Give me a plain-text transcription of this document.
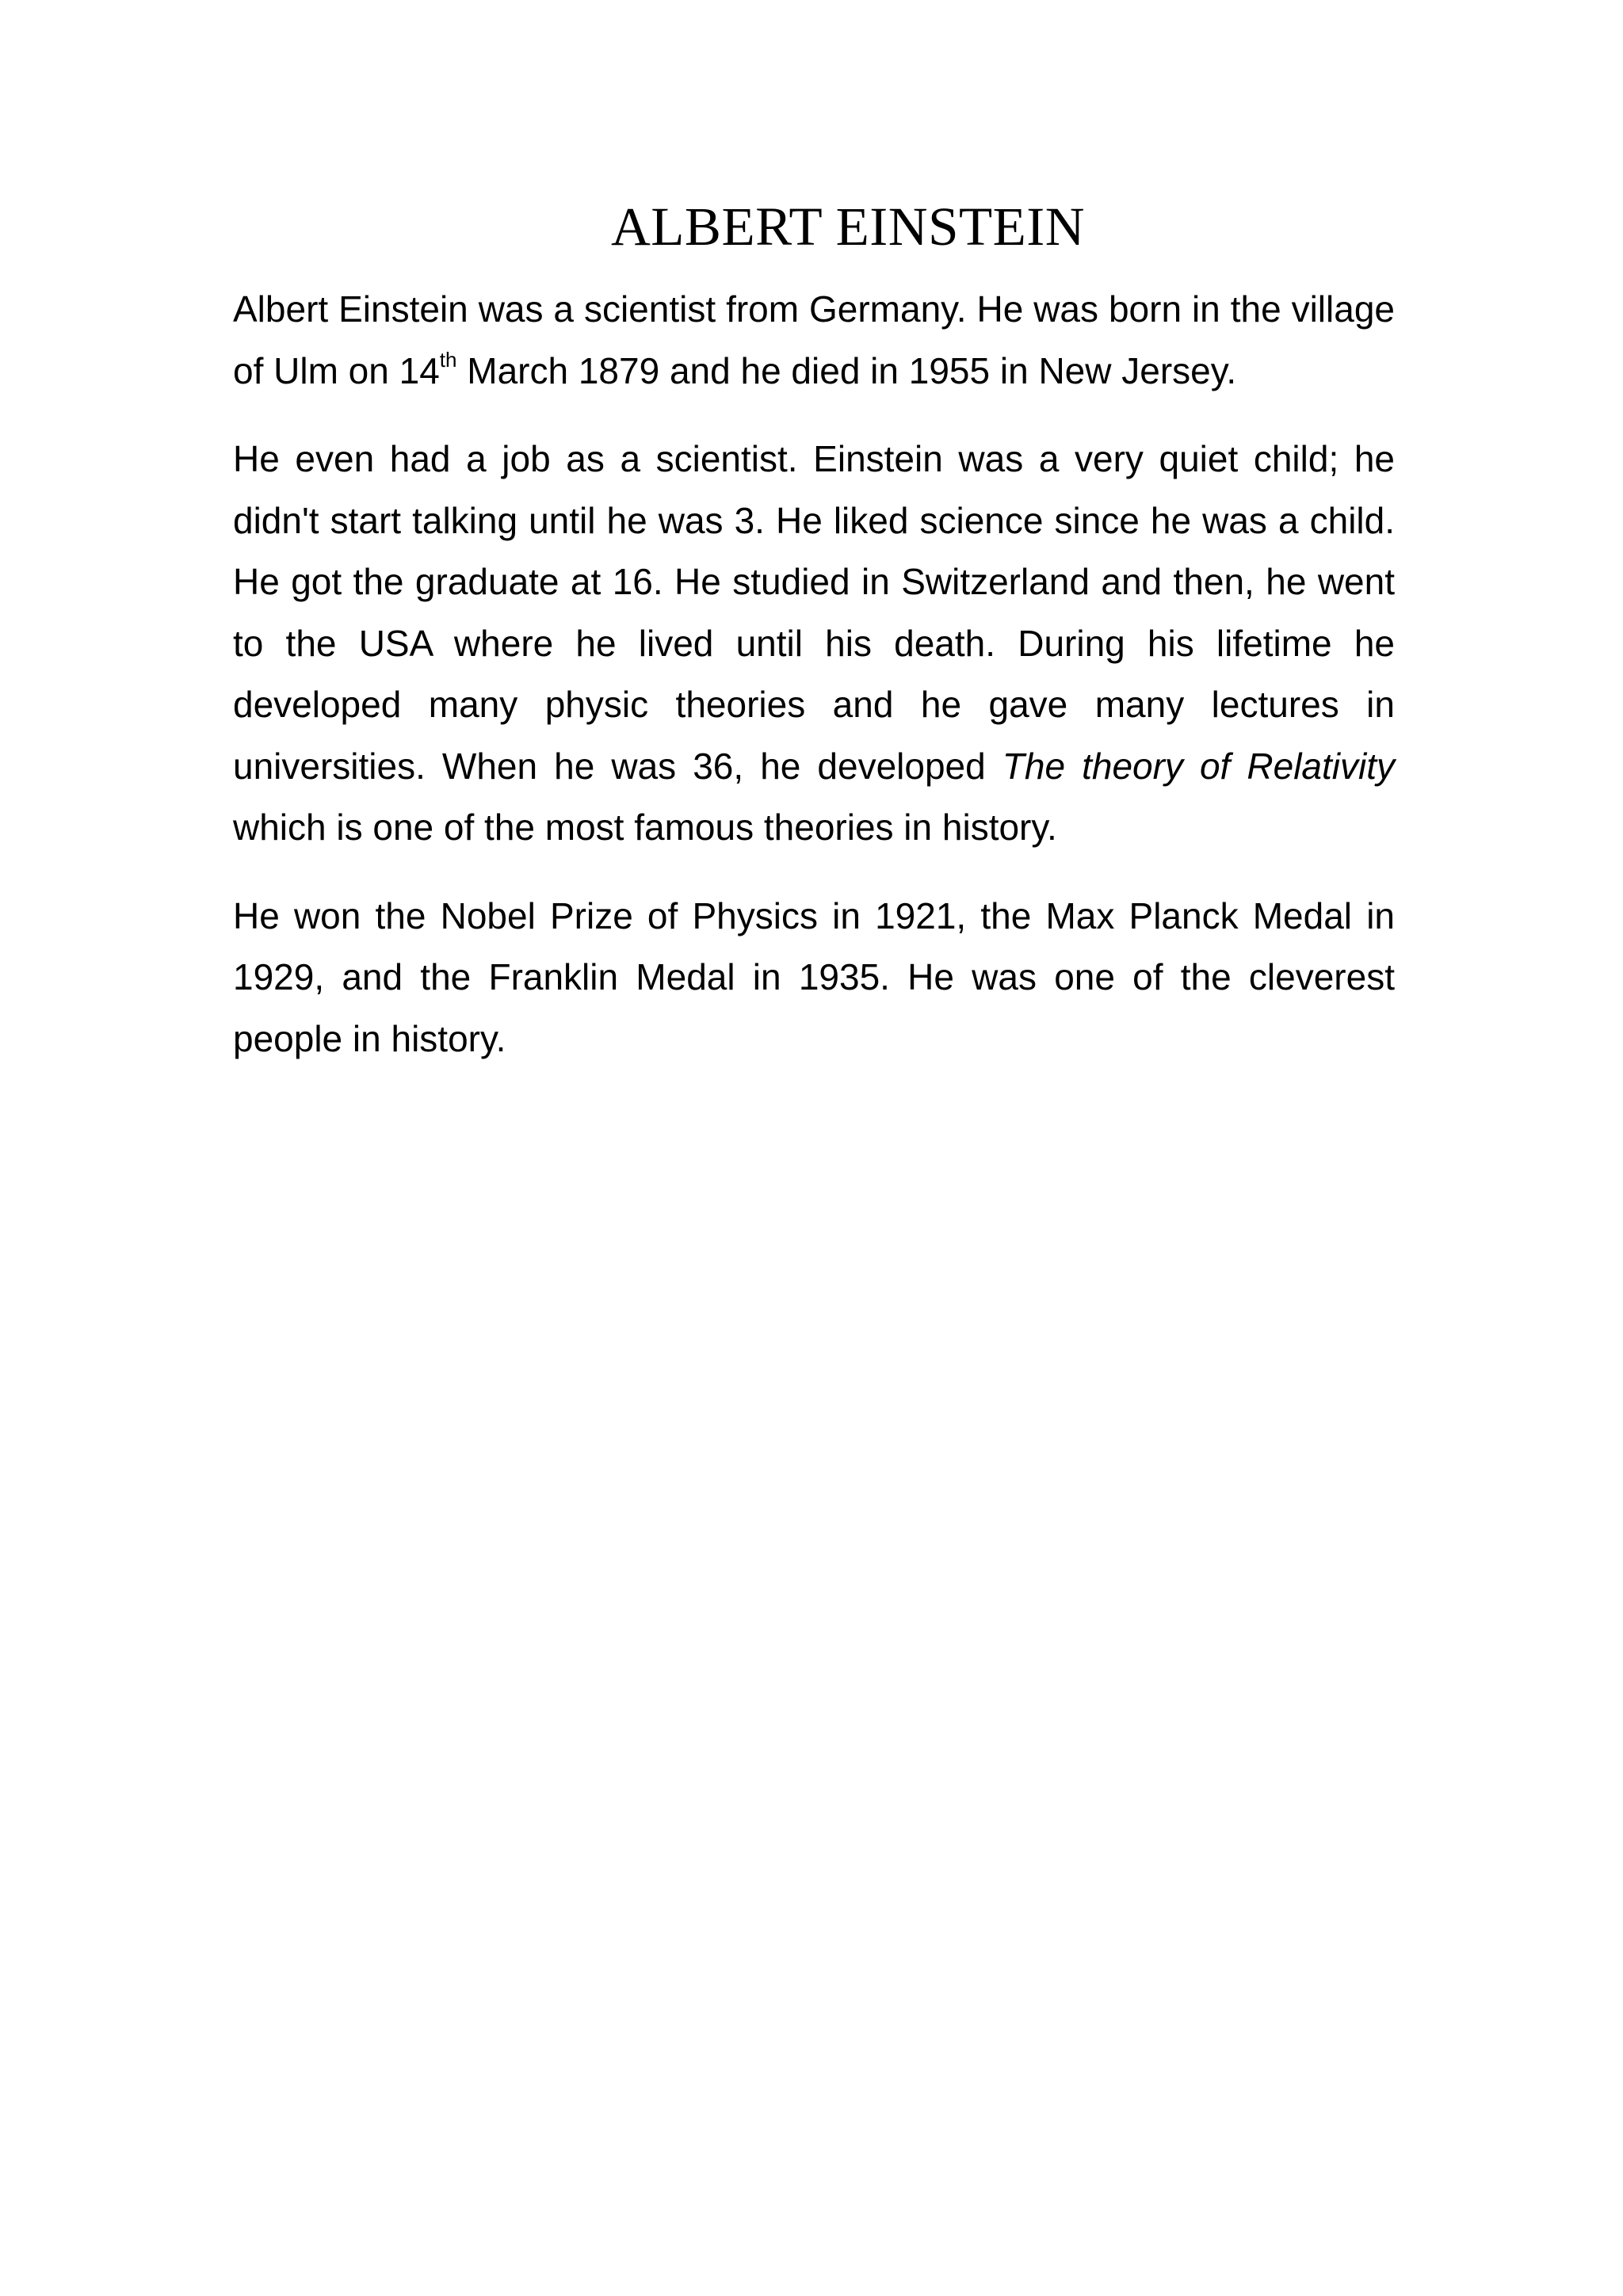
ALBERT EINSTEIN

Albert Einstein was a scientist from Germany. He was born in the village of Ulm on 14th March 1879 and he died in 1955 in New Jersey.

He even had a job as a scientist. Einstein was a very quiet child; he didn't start talking until he was 3. He liked science since he was a child. He got the graduate at 16. He studied in Switzerland and then, he went to the USA where he lived until his death. During his lifetime he developed many physic theories and he gave many lectures in universities. When he was 36, he developed The theory of Relativity which is one of the most famous theories in history.

He won the Nobel Prize of Physics in 1921, the Max Planck Medal in 1929, and the Franklin Medal in 1935. He was one of the cleverest people in history.
